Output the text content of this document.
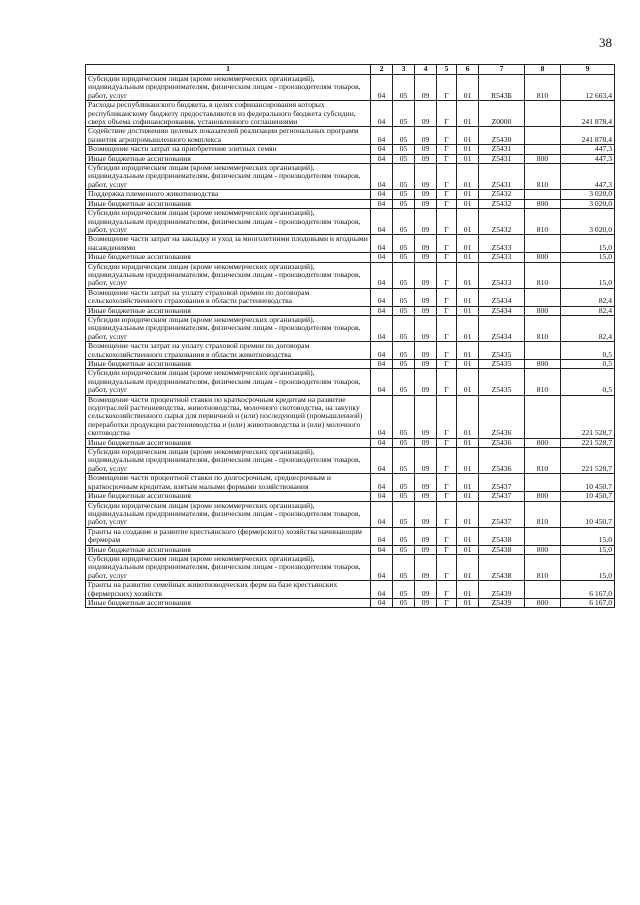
38
1	2	3	4	5	6	7	8	9
Субсидии юридическим лицам (кроме некоммерческих организаций), индивидуальным предпринимателям, физическим лицам - производителям товаров, работ, услуг	04	05	09	Г	01	R543Б	810	12 663,4
Расходы республиканского бюджета, в целях софинансирования которых республиканскому бюджету предоставляются из федерального бюджета субсидии, сверх объема софинансирования, установленного соглашениями	04	05	09	Г	01	Z0000		241 878,4
Содействие достижению целевых показателей реализации региональных программ развития агропромышленного комплекса	04	05	09	Г	01	Z5430		241 878,4
Возмещение части затрат на приобретение элитных семян	04	05	09	Г	01	Z5431		447,3
Иные бюджетные ассигнования	04	05	09	Г	01	Z5431	800	447,3
Субсидии юридическим лицам (кроме некоммерческих организаций), индивидуальным предпринимателям, физическим лицам - производителям товаров, работ, услуг	04	05	09	Г	01	Z5431	810	447,3
Поддержка племенного животноводства	04	05	09	Г	01	Z5432		3 020,0
Иные бюджетные ассигнования	04	05	09	Г	01	Z5432	800	3 020,0
Субсидии юридическим лицам (кроме некоммерческих организаций), индивидуальным предпринимателям, физическим лицам - производителям товаров, работ, услуг	04	05	09	Г	01	Z5432	810	3 020,0
Возмещение части затрат на закладку и уход за многолетними плодовыми и ягодными насаждениями	04	05	09	Г	01	Z5433		15,0
Иные бюджетные ассигнования	04	05	09	Г	01	Z5433	800	15,0
Субсидии юридическим лицам (кроме некоммерческих организаций), индивидуальным предпринимателям, физическим лицам - производителям товаров, работ, услуг	04	05	09	Г	01	Z5433	810	15,0
Возмещение части затрат на уплату страховой премии по договорам сельскохозяйственного страхования в области растениеводства	04	05	09	Г	01	Z5434		82,4
Иные бюджетные ассигнования	04	05	09	Г	01	Z5434	800	82,4
Субсидии юридическим лицам (кроме некоммерческих организаций), индивидуальным предпринимателям, физическим лицам - производителям товаров, работ, услуг	04	05	09	Г	01	Z5434	810	82,4
Возмещение части затрат на уплату страховой премии по договорам сельскохозяйственного страхования в области животноводства	04	05	09	Г	01	Z5435		0,5
Иные бюджетные ассигнования	04	05	09	Г	01	Z5435	800	0,5
Субсидии юридическим лицам (кроме некоммерческих организаций), индивидуальным предпринимателям, физическим лицам - производителям товаров, работ, услуг	04	05	09	Г	01	Z5435	810	0,5
Возмещение части процентной ставки по краткосрочным кредитам на развитие подотраслей растениеводства, животноводства, молочного скотоводства, на закупку сельскохозяйственного сырья для первичной и (или) последующей (промышленной) переработки продукции растениеводства и (или) животноводства и (или) молочного скотоводства	04	05	09	Г	01	Z5436		221 528,7
Иные бюджетные ассигнования	04	05	09	Г	01	Z5436	800	221 528,7
Субсидии юридическим лицам (кроме некоммерческих организаций), индивидуальным предпринимателям, физическим лицам - производителям товаров, работ, услуг	04	05	09	Г	01	Z5436	810	221 528,7
Возмещение части процентной ставки по долгосрочным, среднесрочным и краткосрочным кредитам, взятым малыми формами хозяйствования	04	05	09	Г	01	Z5437		10 450,7
Иные бюджетные ассигнования	04	05	09	Г	01	Z5437	800	10 450,7
Субсидии юридическим лицам (кроме некоммерческих организаций), индивидуальным предпринимателям, физическим лицам - производителям товаров, работ, услуг	04	05	09	Г	01	Z5437	810	10 450,7
Гранты на создание и развитие крестьянского (фермерского) хозяйства начинающим фермерам	04	05	09	Г	01	Z5438		15,0
Иные бюджетные ассигнования	04	05	09	Г	01	Z5438	800	15,0
Субсидии юридическим лицам (кроме некоммерческих организаций), индивидуальным предпринимателям, физическим лицам - производителям товаров, работ, услуг	04	05	09	Г	01	Z5438	810	15,0
Гранты на развитие семейных животноводческих ферм на базе крестьянских (фермерских) хозяйств	04	05	09	Г	01	Z5439		6 167,0
Иные бюджетные ассигнования	04	05	09	Г	01	Z5439	800	6 167,0
